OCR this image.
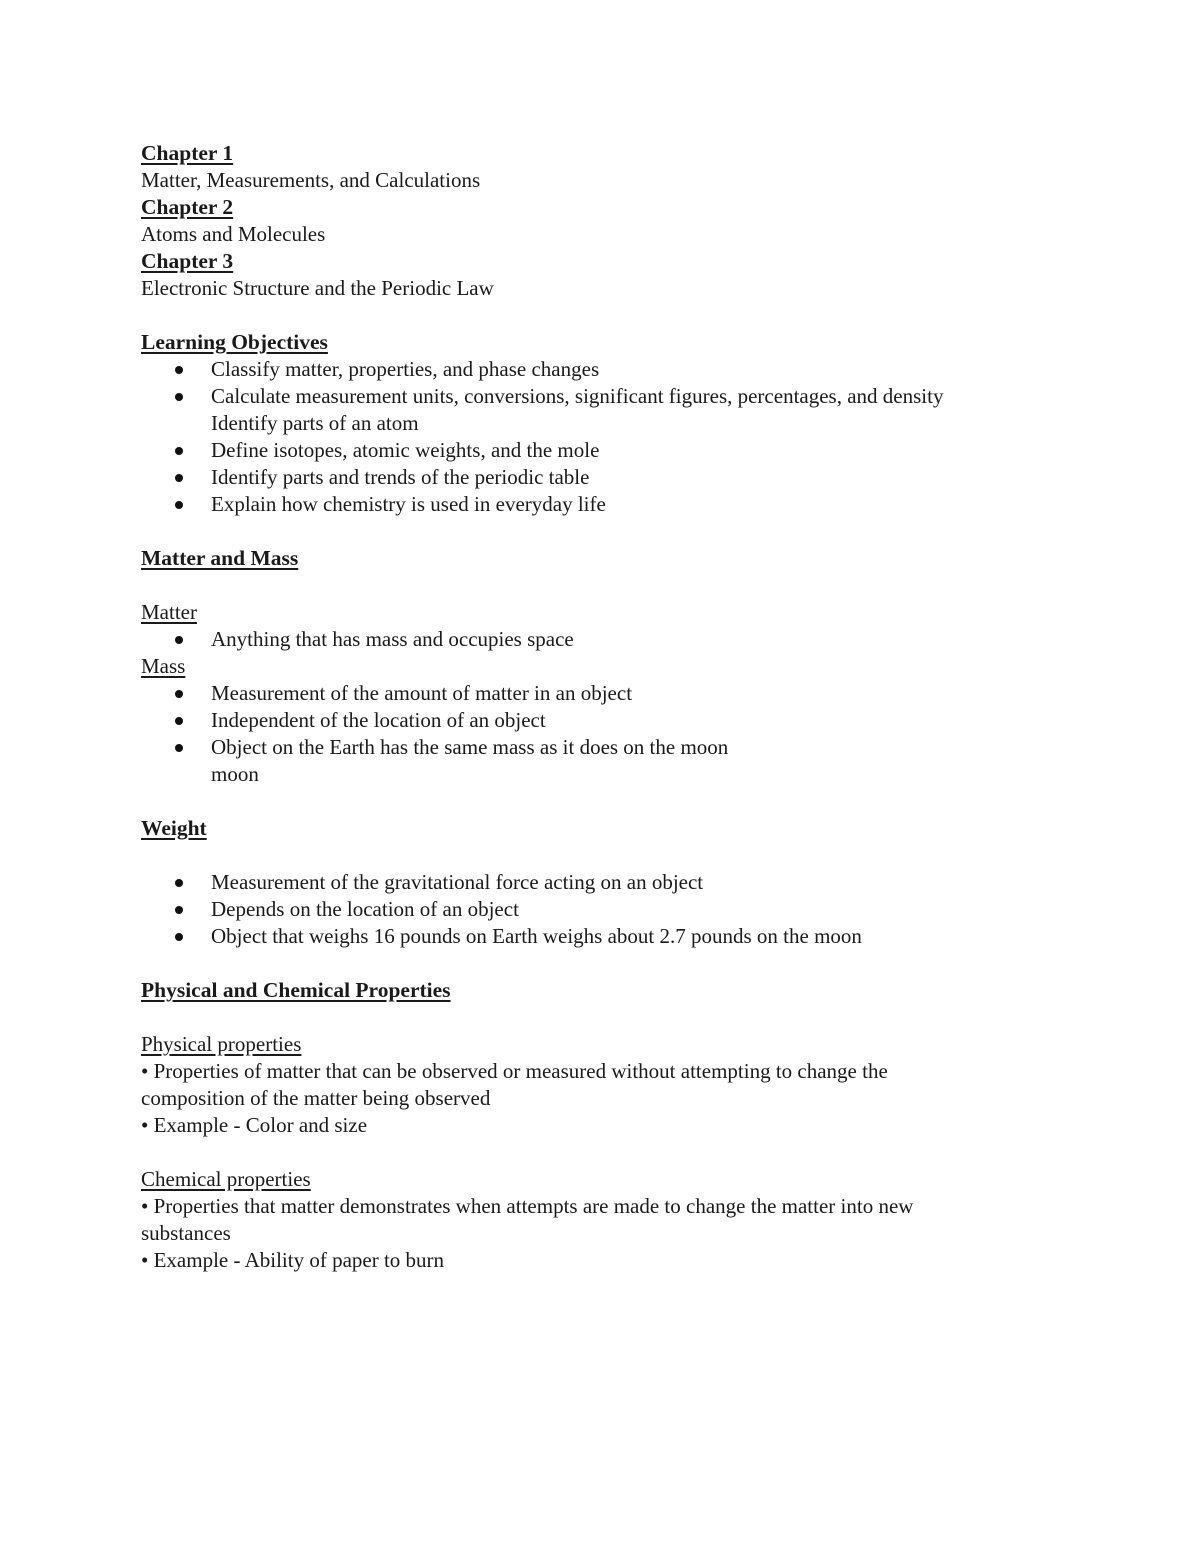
Chapter 1
Matter, Measurements, and Calculations
Chapter 2
Atoms and Molecules
Chapter 3
Electronic Structure and the Periodic Law
Learning Objectives
Classify matter, properties, and phase changes
Calculate measurement units, conversions, significant figures, percentages, and density
Identify parts of an atom
Define isotopes, atomic weights, and the mole
Identify parts and trends of the periodic table
Explain how chemistry is used in everyday life
Matter and Mass
Matter
Anything that has mass and occupies space
Mass
Measurement of the amount of matter in an object
Independent of the location of an object
Object on the Earth has the same mass as it does on the moon
moon
Weight
Measurement of the gravitational force acting on an object
Depends on the location of an object
Object that weighs 16 pounds on Earth weighs about 2.7 pounds on the moon
Physical and Chemical Properties
Physical properties
• Properties of matter that can be observed or measured without attempting to change the
composition of the matter being observed
• Example - Color and size
Chemical properties
• Properties that matter demonstrates when attempts are made to change the matter into new
substances
• Example - Ability of paper to burn
